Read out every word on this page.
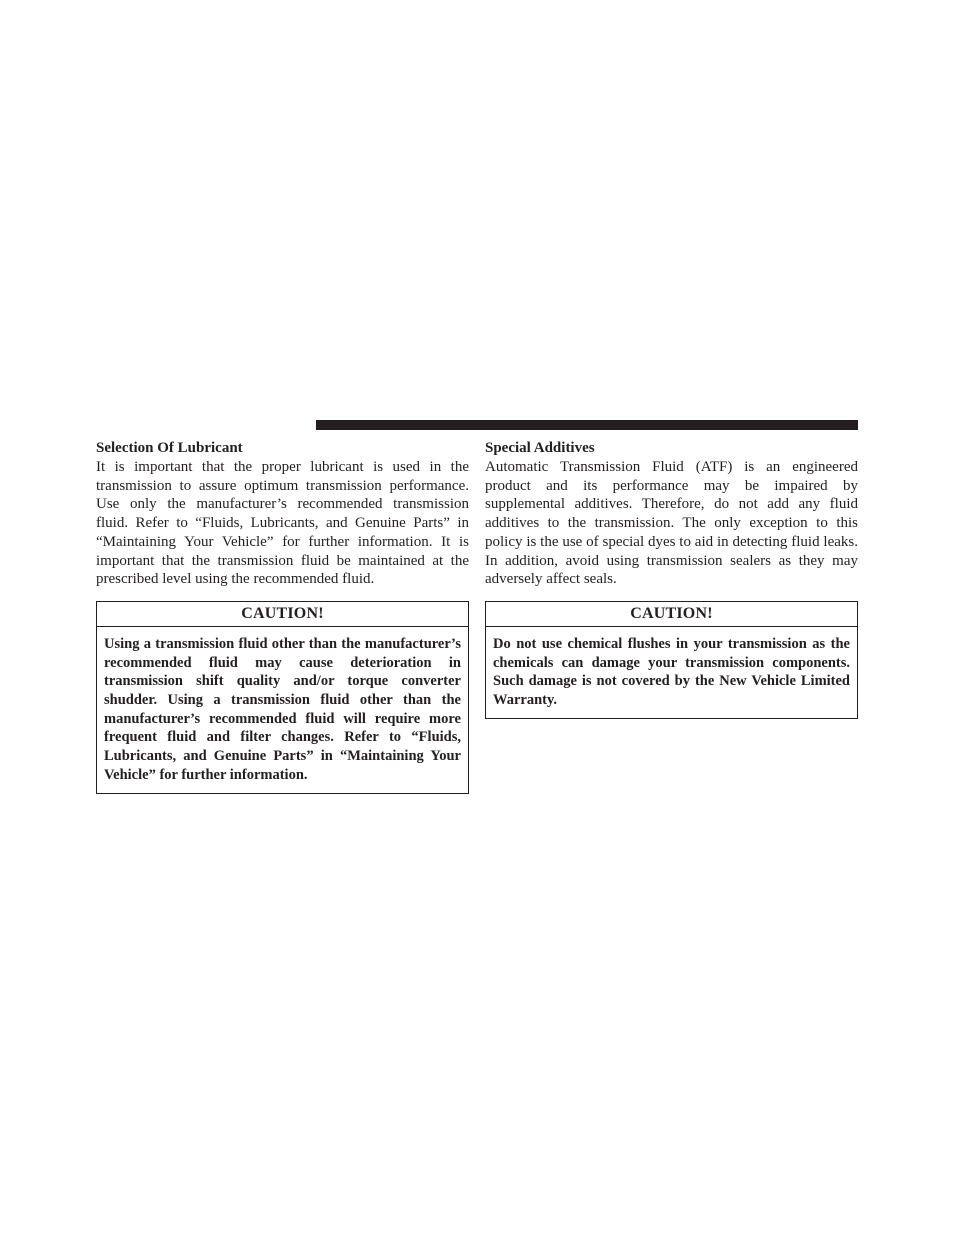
Selection Of Lubricant

It is important that the proper lubricant is used in the transmission to assure optimum transmission performance. Use only the manufacturer’s recommended transmission fluid. Refer to “Fluids, Lubricants, and Genuine Parts” in “Maintaining Your Vehicle” for further information. It is important that the transmission fluid be maintained at the prescribed level using the recommended fluid.

CAUTION!

Using a transmission fluid other than the manufacturer’s recommended fluid may cause deterioration in transmission shift quality and/or torque converter shudder. Using a transmission fluid other than the manufacturer’s recommended fluid will require more frequent fluid and filter changes. Refer to “Fluids, Lubricants, and Genuine Parts” in “Maintaining Your Vehicle” for further information.

Special Additives

Automatic Transmission Fluid (ATF) is an engineered product and its performance may be impaired by supplemental additives. Therefore, do not add any fluid additives to the transmission. The only exception to this policy is the use of special dyes to aid in detecting fluid leaks. In addition, avoid using transmission sealers as they may adversely affect seals.

CAUTION!

Do not use chemical flushes in your transmission as the chemicals can damage your transmission components. Such damage is not covered by the New Vehicle Limited Warranty.
